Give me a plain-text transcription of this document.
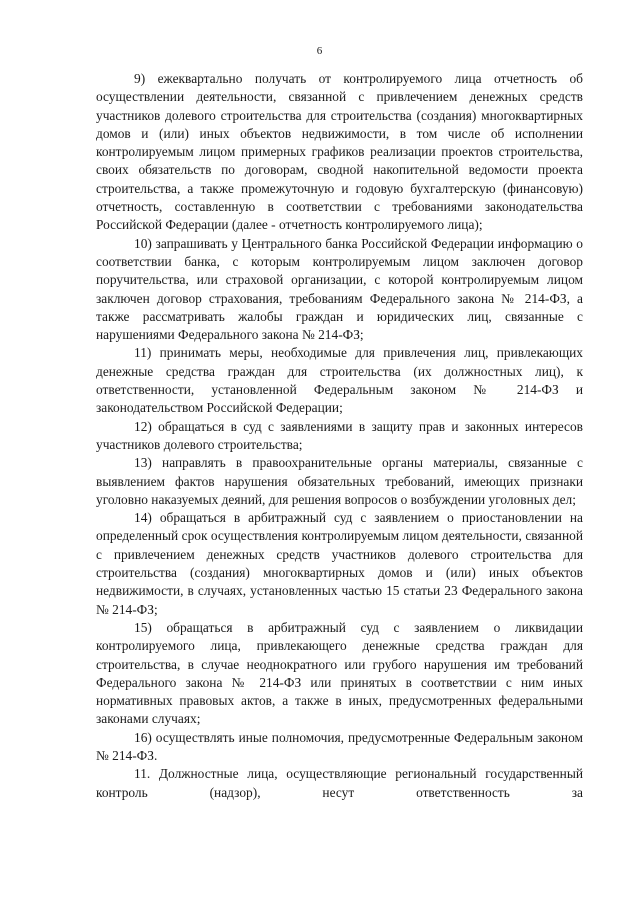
6

9) ежеквартально получать от контролируемого лица отчетность об осуществлении деятельности, связанной с привлечением денежных средств участников долевого строительства для строительства (создания) многоквартирных домов и (или) иных объектов недвижимости, в том числе об исполнении контролируемым лицом примерных графиков реализации проектов строительства, своих обязательств по договорам, сводной накопительной ведомости проекта строительства, а также промежуточную и годовую бухгалтерскую (финансовую) отчетность, составленную в соответствии с требованиями законодательства Российской Федерации (далее - отчетность контролируемого лица);

10) запрашивать у Центрального банка Российской Федерации информацию о соответствии банка, с которым контролируемым лицом заключен договор поручительства, или страховой организации, с которой контролируемым лицом заключен договор страхования, требованиям Федерального закона № 214-ФЗ, а также рассматривать жалобы граждан и юридических лиц, связанные с нарушениями Федерального закона № 214-ФЗ;

11) принимать меры, необходимые для привлечения лиц, привлекающих денежные средства граждан для строительства (их должностных лиц), к ответственности, установленной Федеральным законом № 214-ФЗ и законодательством Российской Федерации;

12) обращаться в суд с заявлениями в защиту прав и законных интересов участников долевого строительства;

13) направлять в правоохранительные органы материалы, связанные с выявлением фактов нарушения обязательных требований, имеющих признаки уголовно наказуемых деяний, для решения вопросов о возбуждении уголовных дел;

14) обращаться в арбитражный суд с заявлением о приостановлении на определенный срок осуществления контролируемым лицом деятельности, связанной с привлечением денежных средств участников долевого строительства для строительства (создания) многоквартирных домов и (или) иных объектов недвижимости, в случаях, установленных частью 15 статьи 23 Федерального закона № 214-ФЗ;

15) обращаться в арбитражный суд с заявлением о ликвидации контролируемого лица, привлекающего денежные средства граждан для строительства, в случае неоднократного или грубого нарушения им требований Федерального закона № 214-ФЗ или принятых в соответствии с ним иных нормативных правовых актов, а также в иных, предусмотренных федеральными законами случаях;

16) осуществлять иные полномочия, предусмотренные Федеральным законом № 214-ФЗ.

11. Должностные лица, осуществляющие региональный государственный контроль (надзор), несут ответственность за
